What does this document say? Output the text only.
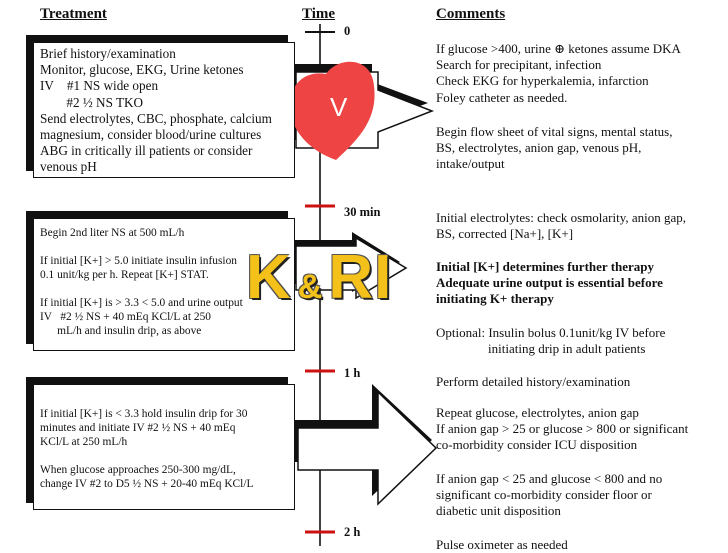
V
Treatment	Time	Comments
0
30 min
1 h
2 h

Brief history/examination

Monitor, glucose, EKG, Urine ketones

IV    #1 NS wide open

#2 ½ NS TKO

Send electrolytes, CBC, phosphate, calcium

magnesium, consider blood/urine cultures

ABG in critically ill patients or consider

venous pH

Begin 2nd liter NS at 500 mL/h

If initial [K+] > 5.0 initiate insulin infusion

0.1 unit/kg per h. Repeat [K+] STAT.

If initial [K+] is > 3.3 < 5.0 and urine output

IV   #2 ½ NS + 40 mEq KCl/L at 250

mL/h and insulin drip, as above

If initial [K+] is < 3.3 hold insulin drip for 30

minutes and initiate IV #2 ½ NS + 40 mEq

KCl/L at 250 mL/h

When glucose approaches 250-300 mg/dL,

change IV #2 to D5 ½ NS + 20-40 mEq KCl/L

If glucose >400, urine ⊕ ketones assume DKA
Search for precipitant, infection
Check EKG for hyperkalemia, infarction
Foley catheter as needed.
Begin flow sheet of vital signs, mental status,
BS, electrolytes, anion gap, venous pH,
intake/output
Initial electrolytes: check osmolarity, anion gap,
BS, corrected [Na+], [K+]
Initial [K+] determines further therapy
Adequate urine output is essential before
initiating K+ therapy
Optional: Insulin bolus 0.1unit/kg IV before
initiating drip in adult patients
Perform detailed history/examination
Repeat glucose, electrolytes, anion gap
If anion gap > 25 or glucose > 800 or significant
co-morbidity consider ICU disposition
If anion gap < 25 and glucose < 800 and no
significant co-morbidity consider floor or
diabetic unit disposition
Pulse oximeter as needed
K &RI
